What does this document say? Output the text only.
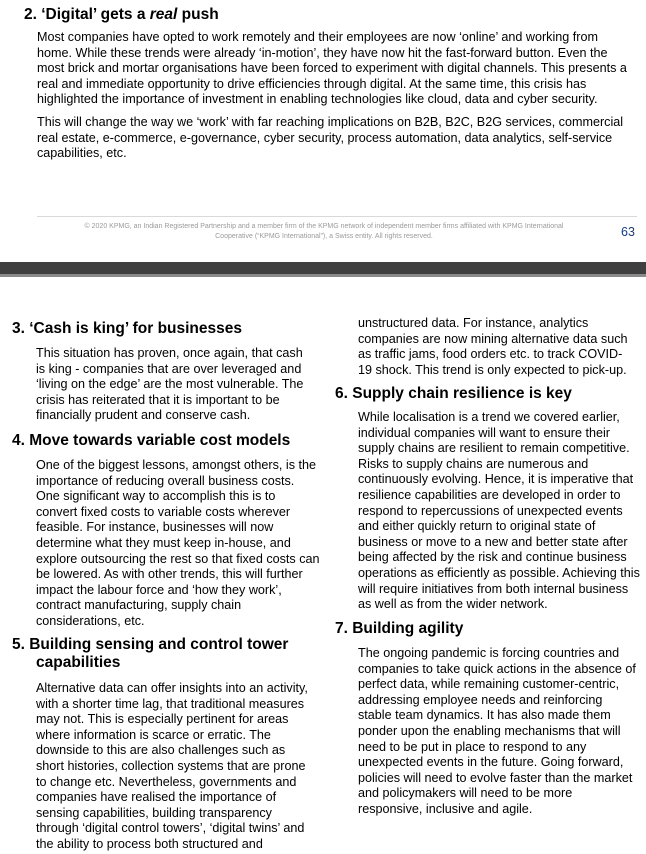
2. ‘Digital’ gets a real push

Most companies have opted to work remotely and their employees are now ‘online’ and working from home. While these trends were already ‘in-motion’, they have now hit the fast-forward button. Even the most brick and mortar organisations have been forced to experiment with digital channels. This presents a real and immediate opportunity to drive efficiencies through digital. At the same time, this crisis has highlighted the importance of investment in enabling technologies like cloud, data and cyber security.

This will change the way we ‘work’ with far reaching implications on B2B, B2C, B2G services, commercial real estate, e-commerce, e-governance, cyber security, process automation, data analytics, self-service capabilities, etc.

© 2020 KPMG, an Indian Registered Partnership and a member firm of the KPMG network of independent member firms affiliated with KPMG International
Cooperative (“KPMG International”), a Swiss entity. All rights reserved.	63
3. ‘Cash is king’ for businesses

This situation has proven, once again, that cash is king - companies that are over leveraged and ‘living on the edge’ are the most vulnerable. The crisis has reiterated that it is important to be financially prudent and conserve cash.

4. Move towards variable cost models

One of the biggest lessons, amongst others, is the importance of reducing overall business costs. One significant way to accomplish this is to convert fixed costs to variable costs wherever feasible. For instance, businesses will now determine what they must keep in-house, and explore outsourcing the rest so that fixed costs can be lowered. As with other trends, this will further impact the labour force and ‘how they work’, contract manufacturing, supply chain considerations, etc.

5. Building sensing and control tower
capabilities

Alternative data can offer insights into an activity, with a shorter time lag, that traditional measures may not. This is especially pertinent for areas where information is scarce or erratic. The downside to this are also challenges such as short histories, collection systems that are prone to change etc. Nevertheless, governments and companies have realised the importance of sensing capabilities, building transparency through ‘digital control towers’, ‘digital twins’ and the ability to process both structured and

unstructured data. For instance, analytics companies are now mining alternative data such as traffic jams, food orders etc. to track COVID-19 shock. This trend is only expected to pick-up.

6. Supply chain resilience is key

While localisation is a trend we covered earlier, individual companies will want to ensure their supply chains are resilient to remain competitive. Risks to supply chains are numerous and continuously evolving. Hence, it is imperative that resilience capabilities are developed in order to respond to repercussions of unexpected events and either quickly return to original state of business or move to a new and better state after being affected by the risk and continue business operations as efficiently as possible. Achieving this will require initiatives from both internal business as well as from the wider network.

7. Building agility

The ongoing pandemic is forcing countries and companies to take quick actions in the absence of perfect data, while remaining customer-centric, addressing employee needs and reinforcing stable team dynamics. It has also made them ponder upon the enabling mechanisms that will need to be put in place to respond to any unexpected events in the future. Going forward, policies will need to evolve faster than the market and policymakers will need to be more responsive, inclusive and agile.
